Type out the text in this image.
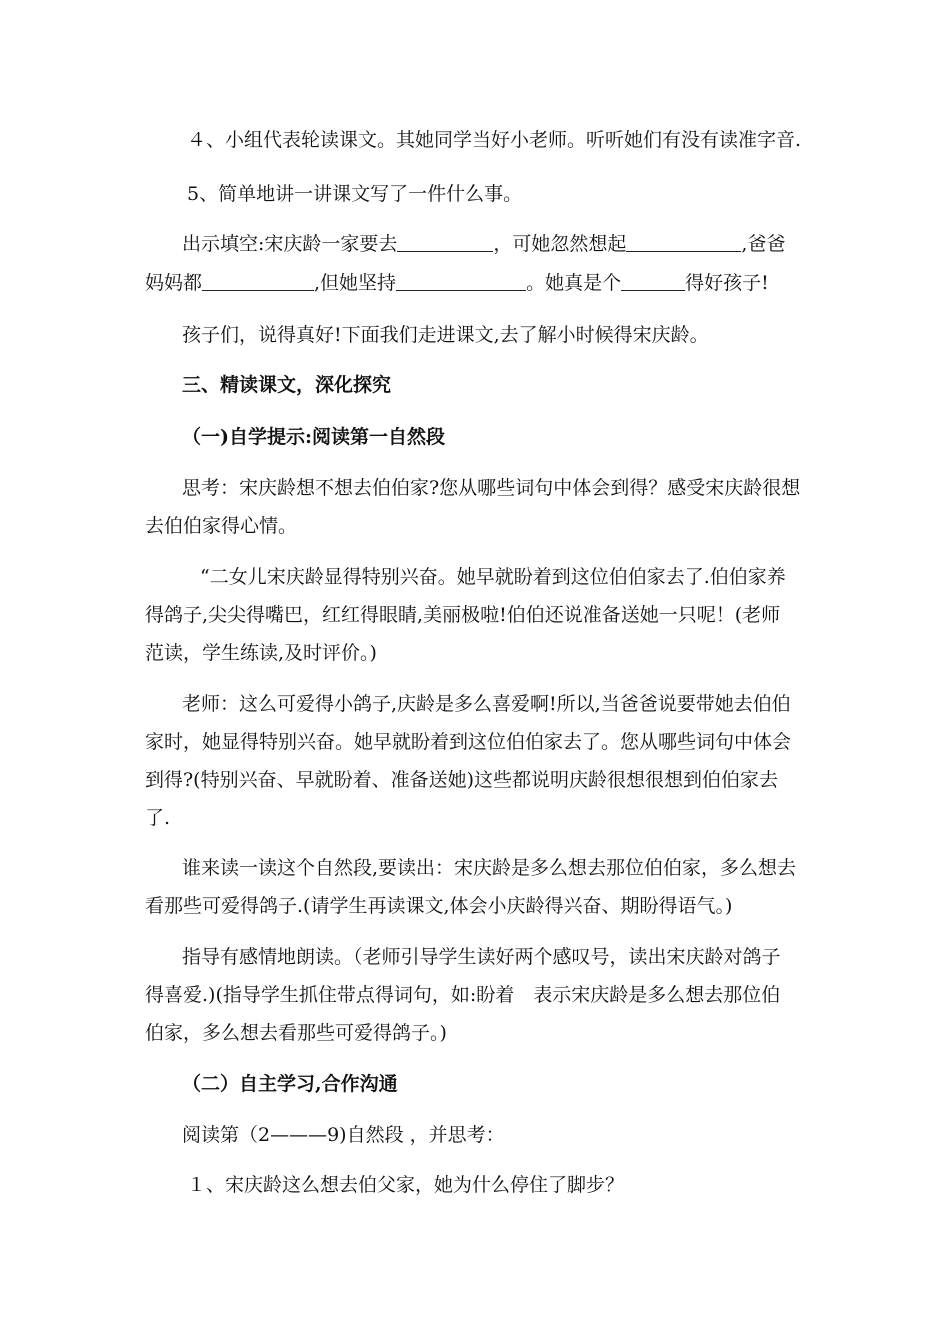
４、小组代表轮读课文。其她同学当好小老师。听听她们有没有读准字音.
5、简单地讲一讲课文写了一件什么事。
出示填空:宋庆龄一家要去	，可她忽然想起	,爸爸
妈妈都	,但她坚持	。她真是个	得好孩子!
孩子们，说得真好!下面我们走进课文,去了解小时候得宋庆龄。
三、精读课文，深化探究
（一)自学提示:阅读第一自然段
思考：宋庆龄想不想去伯伯家?您从哪些词句中体会到得？感受宋庆龄很想
去伯伯家得心情。
“二女儿宋庆龄显得特别兴奋。她早就盼着到这位伯伯家去了.伯伯家养
得鸽子,尖尖得嘴巴，红红得眼睛,美丽极啦!伯伯还说准备送她一只呢！(老师
范读，学生练读,及时评价。)
老师：这么可爱得小鸽子,庆龄是多么喜爱啊!所以,当爸爸说要带她去伯伯
家时，她显得特别兴奋。她早就盼着到这位伯伯家去了。您从哪些词句中体会
到得?(特别兴奋、早就盼着、准备送她)这些都说明庆龄很想很想到伯伯家去
了.
谁来读一读这个自然段,要读出：宋庆龄是多么想去那位伯伯家，多么想去
看那些可爱得鸽子.(请学生再读课文,体会小庆龄得兴奋、期盼得语气。)
指导有感情地朗读。（老师引导学生读好两个感叹号，读出宋庆龄对鸽子
得喜爱.)(指导学生抓住带点得词句，如:盼着　表示宋庆龄是多么想去那位伯
伯家，多么想去看那些可爱得鸽子。)
（二）自主学习,合作沟通
阅读第（2———9)自然段 ，并思考：
１、宋庆龄这么想去伯父家，她为什么停住了脚步？
